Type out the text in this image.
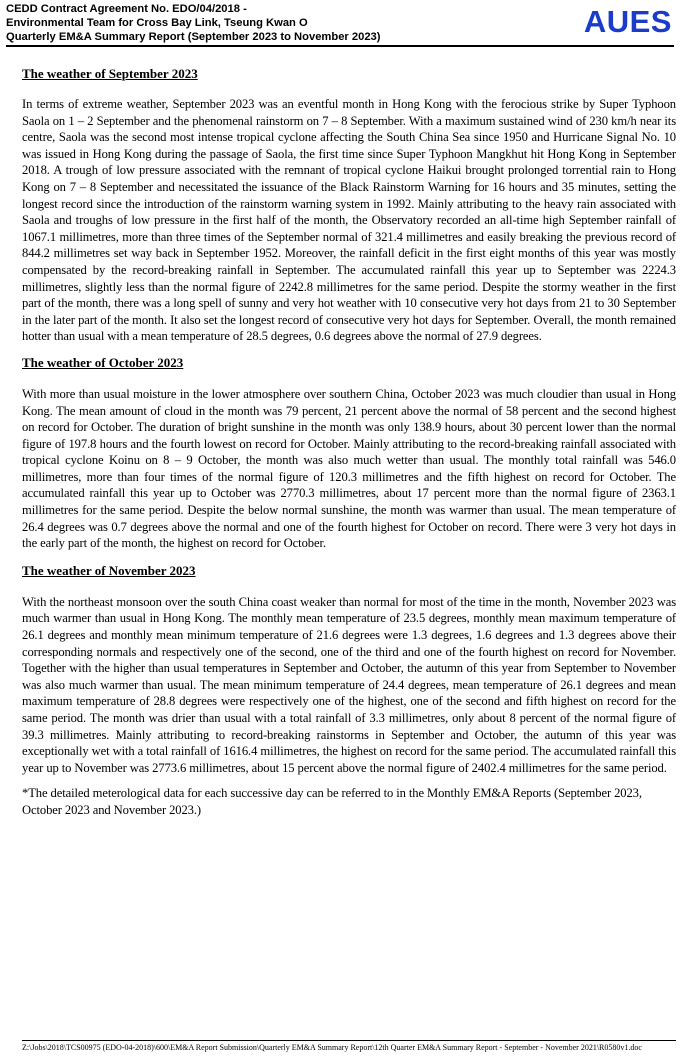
CEDD Contract Agreement No. EDO/04/2018 -
Environmental Team for Cross Bay Link, Tseung Kwan O
Quarterly EM&A Summary Report (September 2023 to November 2023)	AUES

The weather of September 2023

In terms of extreme weather, September 2023 was an eventful month in Hong Kong with the ferocious strike by Super Typhoon Saola on 1 – 2 September and the phenomenal rainstorm on 7 – 8 September. With a maximum sustained wind of 230 km/h near its centre, Saola was the second most intense tropical cyclone affecting the South China Sea since 1950 and Hurricane Signal No. 10 was issued in Hong Kong during the passage of Saola, the first time since Super Typhoon Mangkhut hit Hong Kong in September 2018. A trough of low pressure associated with the remnant of tropical cyclone Haikui brought prolonged torrential rain to Hong Kong on 7 – 8 September and necessitated the issuance of the Black Rainstorm Warning for 16 hours and 35 minutes, setting the longest record since the introduction of the rainstorm warning system in 1992. Mainly attributing to the heavy rain associated with Saola and troughs of low pressure in the first half of the month, the Observatory recorded an all-time high September rainfall of 1067.1 millimetres, more than three times of the September normal of 321.4 millimetres and easily breaking the previous record of 844.2 millimetres set way back in September 1952. Moreover, the rainfall deficit in the first eight months of this year was mostly compensated by the record-breaking rainfall in September. The accumulated rainfall this year up to September was 2224.3 millimetres, slightly less than the normal figure of 2242.8 millimetres for the same period. Despite the stormy weather in the first part of the month, there was a long spell of sunny and very hot weather with 10 consecutive very hot days from 21 to 30 September in the later part of the month. It also set the longest record of consecutive very hot days for September. Overall, the month remained hotter than usual with a mean temperature of 28.5 degrees, 0.6 degrees above the normal of 27.9 degrees.

The weather of October 2023

With more than usual moisture in the lower atmosphere over southern China, October 2023 was much cloudier than usual in Hong Kong. The mean amount of cloud in the month was 79 percent, 21 percent above the normal of 58 percent and the second highest on record for October. The duration of bright sunshine in the month was only 138.9 hours, about 30 percent lower than the normal figure of 197.8 hours and the fourth lowest on record for October. Mainly attributing to the record-breaking rainfall associated with tropical cyclone Koinu on 8 – 9 October, the month was also much wetter than usual. The monthly total rainfall was 546.0 millimetres, more than four times of the normal figure of 120.3 millimetres and the fifth highest on record for October. The accumulated rainfall this year up to October was 2770.3 millimetres, about 17 percent more than the normal figure of 2363.1 millimetres for the same period. Despite the below normal sunshine, the month was warmer than usual. The mean temperature of 26.4 degrees was 0.7 degrees above the normal and one of the fourth highest for October on record. There were 3 very hot days in the early part of the month, the highest on record for October.

The weather of November 2023

With the northeast monsoon over the south China coast weaker than normal for most of the time in the month, November 2023 was much warmer than usual in Hong Kong. The monthly mean temperature of 23.5 degrees, monthly mean maximum temperature of 26.1 degrees and monthly mean minimum temperature of 21.6 degrees were 1.3 degrees, 1.6 degrees and 1.3 degrees above their corresponding normals and respectively one of the second, one of the third and one of the fourth highest on record for November. Together with the higher than usual temperatures in September and October, the autumn of this year from September to November was also much warmer than usual. The mean minimum temperature of 24.4 degrees, mean temperature of 26.1 degrees and mean maximum temperature of 28.8 degrees were respectively one of the highest, one of the second and fifth highest on record for the same period. The month was drier than usual with a total rainfall of 3.3 millimetres, only about 8 percent of the normal figure of 39.3 millimetres. Mainly attributing to record-breaking rainstorms in September and October, the autumn of this year was exceptionally wet with a total rainfall of 1616.4 millimetres, the highest on record for the same period. The accumulated rainfall this year up to November was 2773.6 millimetres, about 15 percent above the normal figure of 2402.4 millimetres for the same period.

*The detailed meterological data for each successive day can be referred to in the Monthly EM&A Reports (September 2023, October 2023 and November 2023.)

Z:\Jobs\2018\TCS00975 (EDO-04-2018)\600\EM&A Report Submission\Quarterly EM&A Summary Report\12th Quarter EM&A Summary Report - September - November 2021\R0580v1.doc
